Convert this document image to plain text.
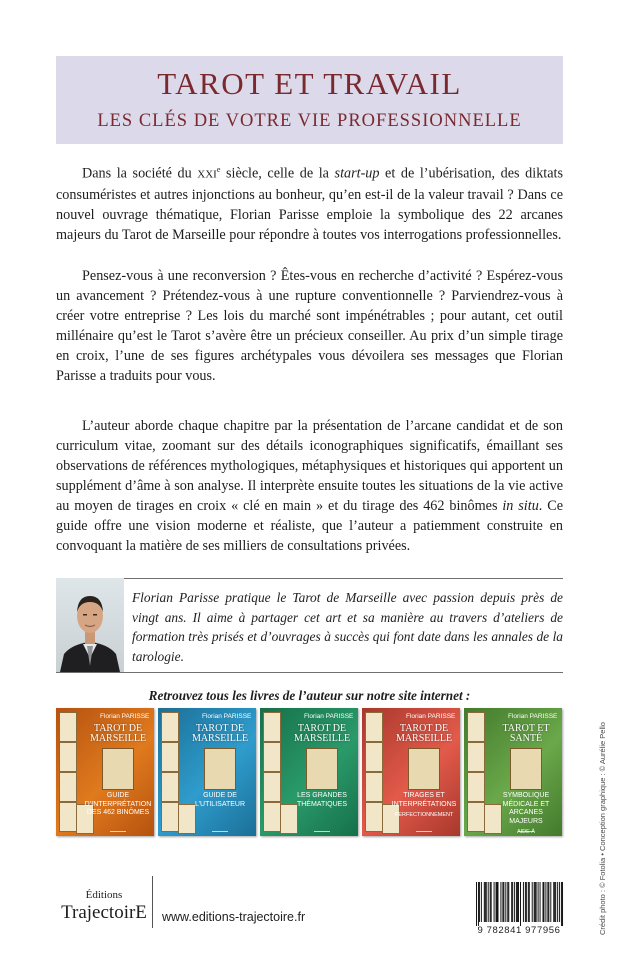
TAROT ET TRAVAIL
LES CLÉS DE VOTRE VIE PROFESSIONNELLE

Dans la société du XXIe siècle, celle de la start-up et de l’ubérisation, des diktats consuméristes et autres injonctions au bonheur, qu’en est-il de la valeur travail ? Dans ce nouvel ouvrage thématique, Florian Parisse emploie la symbolique des 22 arcanes majeurs du Tarot de Marseille pour répondre à toutes vos interrogations professionnelles.

Pensez-vous à une reconversion ? Êtes-vous en recherche d’activité ? Espérez-vous un avancement ? Prétendez-vous à une rupture conventionnelle ? Parviendrez-vous à créer votre entreprise ? Les lois du marché sont impénétrables ; pour autant, cet outil millénaire qu’est le Tarot s’avère être un précieux conseiller. Au prix d’un simple tirage en croix, l’une de ses figures archétypales vous dévoilera ses messages que Florian Parisse a traduits pour vous.

L’auteur aborde chaque chapitre par la présentation de l’arcane candidat et de son curriculum vitae, zoomant sur des détails iconographiques significatifs, émaillant ses observations de références mythologiques, métaphysiques et historiques qui apportent un supplément d’âme à son analyse. Il interprète ensuite toutes les situations de la vie active au moyen de tirages en croix « clé en main » et du tirage des 462 binômes in situ. Ce guide offre une vision moderne et réaliste, que l’auteur a patiemment construite en convoquant la matière de ses milliers de consultations privées.

Florian Parisse pratique le Tarot de Marseille avec passion depuis près de vingt ans. Il aime à partager cet art et sa manière au travers d’ateliers de formation très prisés et d’ouvrages à succès qui font date dans les annales de la tarologie.

Retrouvez tous les livres de l’auteur sur notre site internet :
Florian PARISSE
TAROT DE MARSEILLE
GUIDE D’INTERPRÉTATION DES 462 BINÔMES
Florian PARISSE
TAROT DE MARSEILLE
GUIDE DE L’UTILISATEUR
Florian PARISSE
TAROT DE MARSEILLE
LES GRANDES THÉMATIQUES
Florian PARISSE
TAROT DE MARSEILLE
TIRAGES ET INTERPRÉTATIONS
PERFECTIONNEMENT
Florian PARISSE
TAROT ET SANTÉ
SYMBOLIQUE MÉDICALE ET ARCANES MAJEURS
AIDE À L’INTERPRÉTATION	Crédit photo : © Fotolia • Conception graphique : © Aurélie Pello
Éditions
TrajectoirE www.editions-trajectoire.fr
9 782841 977956
